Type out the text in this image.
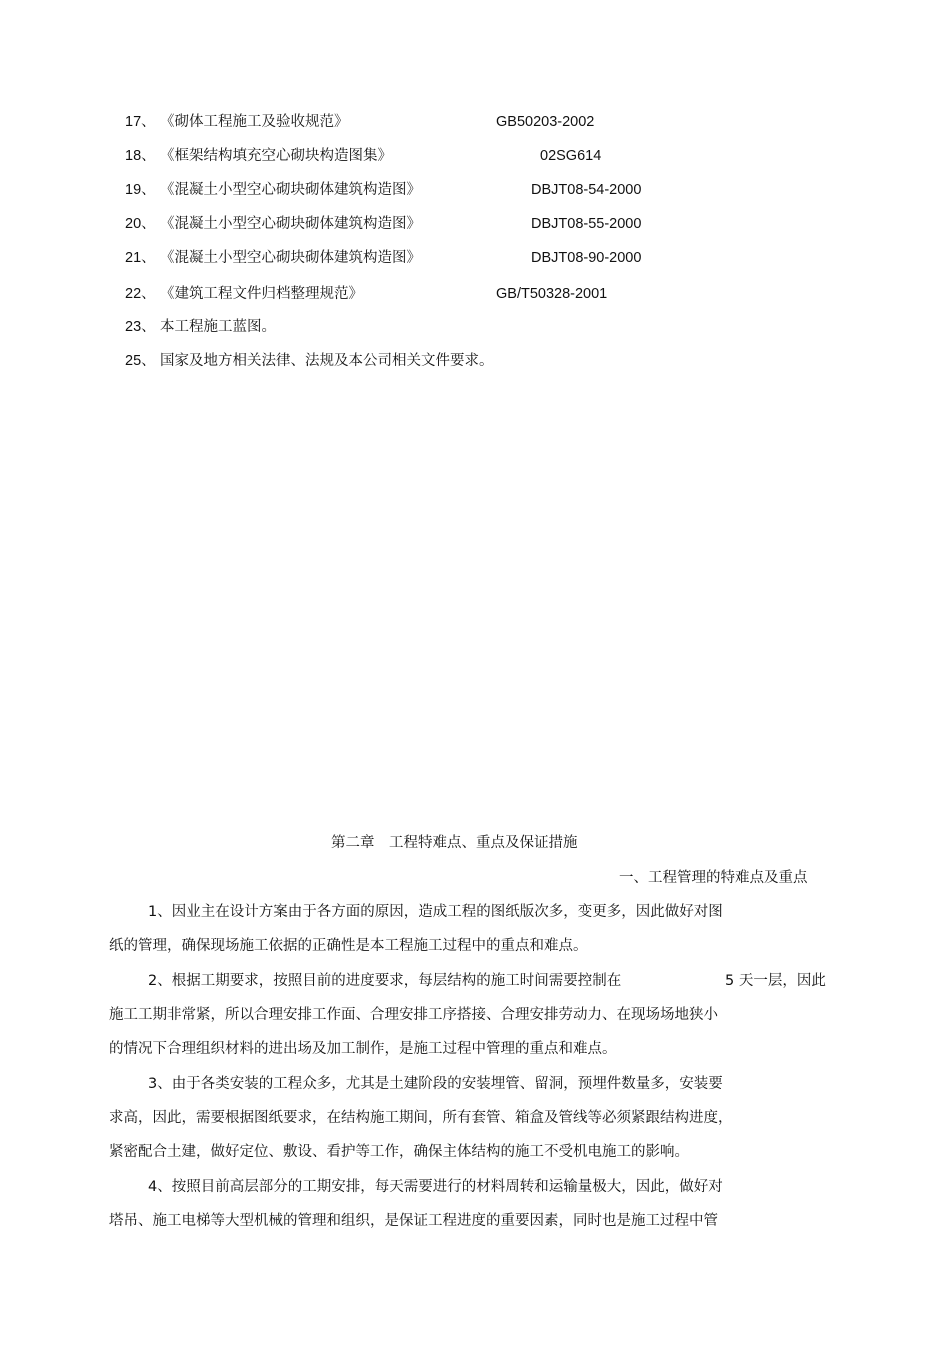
17、 《砌体工程施工及验收规范》	GB50203-2002
18、 《框架结构填充空心砌块构造图集》	02SG614
19、 《混凝土小型空心砌块砌体建筑构造图》	DBJT08-54-2000
20、 《混凝土小型空心砌块砌体建筑构造图》	DBJT08-55-2000
21、 《混凝土小型空心砌块砌体建筑构造图》	DBJT08-90-2000
22、 《建筑工程文件归档整理规范》	GB/T50328-2001
23、 本工程施工蓝图。
25、 国家及地方相关法律、法规及本公司相关文件要求。
第二章　工程特难点、重点及保证措施
一、工程管理的特难点及重点
1、因业主在设计方案由于各方面的原因，造成工程的图纸版次多，变更多，因此做好对图
纸的管理，确保现场施工依据的正确性是本工程施工过程中的重点和难点。
2、根据工期要求，按照目前的进度要求，每层结构的施工时间需要控制在	5 天一层，因此
施工工期非常紧，所以合理安排工作面、合理安排工序搭接、合理安排劳动力、在现场场地狭小
的情况下合理组织材料的进出场及加工制作，是施工过程中管理的重点和难点。
3、由于各类安装的工程众多，尤其是土建阶段的安装埋管、留洞，预埋件数量多，安装要
求高，因此，需要根据图纸要求，在结构施工期间，所有套管、箱盒及管线等必须紧跟结构进度，
紧密配合土建，做好定位、敷设、看护等工作，确保主体结构的施工不受机电施工的影响。
4、按照目前高层部分的工期安排，每天需要进行的材料周转和运输量极大，因此，做好对
塔吊、施工电梯等大型机械的管理和组织，是保证工程进度的重要因素，同时也是施工过程中管
